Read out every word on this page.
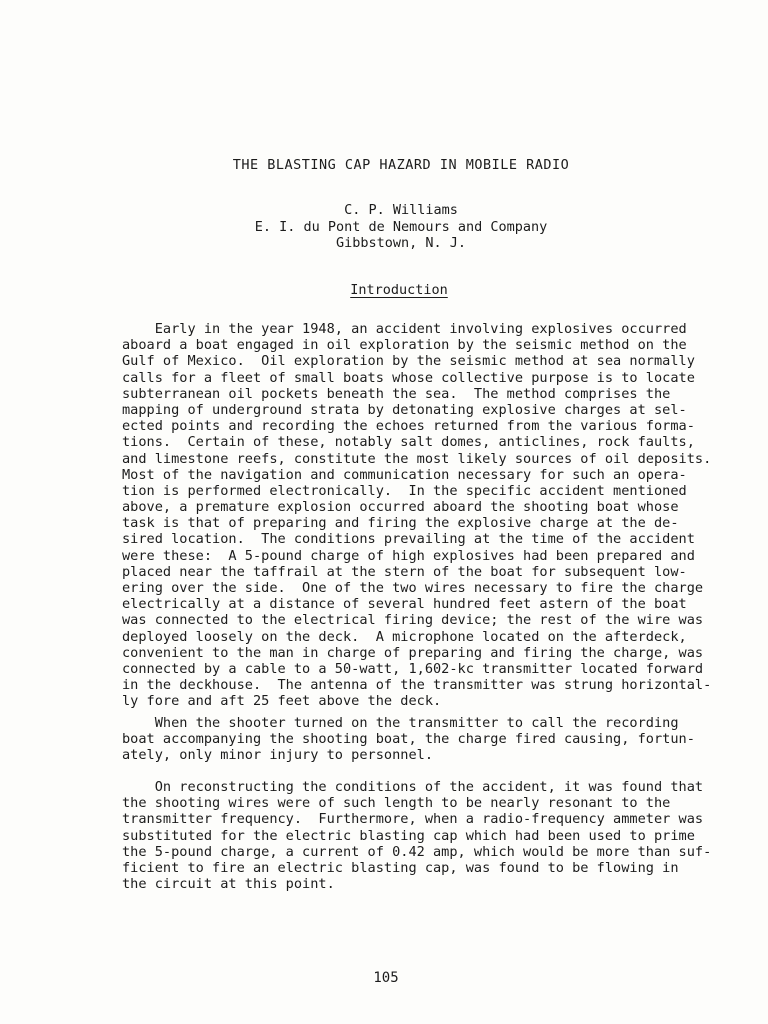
THE BLASTING CAP HAZARD IN MOBILE RADIO
C. P. Williams
E. I. du Pont de Nemours and Company
Gibbstown, N. J.
Introduction
Early in the year 1948, an accident involving explosives occurred
aboard a boat engaged in oil exploration by the seismic method on the
Gulf of Mexico.  Oil exploration by the seismic method at sea normally
calls for a fleet of small boats whose collective purpose is to locate
subterranean oil pockets beneath the sea.  The method comprises the
mapping of underground strata by detonating explosive charges at sel-
ected points and recording the echoes returned from the various forma-
tions.  Certain of these, notably salt domes, anticlines, rock faults,
and limestone reefs, constitute the most likely sources of oil deposits.
Most of the navigation and communication necessary for such an opera-
tion is performed electronically.  In the specific accident mentioned
above, a premature explosion occurred aboard the shooting boat whose
task is that of preparing and firing the explosive charge at the de-
sired location.  The conditions prevailing at the time of the accident
were these:  A 5-pound charge of high explosives had been prepared and
placed near the taffrail at the stern of the boat for subsequent low-
ering over the side.  One of the two wires necessary to fire the charge
electrically at a distance of several hundred feet astern of the boat
was connected to the electrical firing device; the rest of the wire was
deployed loosely on the deck.  A microphone located on the afterdeck,
convenient to the man in charge of preparing and firing the charge, was
connected by a cable to a 50-watt, 1,602-kc transmitter located forward
in the deckhouse.  The antenna of the transmitter was strung horizontal-
ly fore and aft 25 feet above the deck.
When the shooter turned on the transmitter to call the recording
boat accompanying the shooting boat, the charge fired causing, fortun-
ately, only minor injury to personnel.
On reconstructing the conditions of the accident, it was found that
the shooting wires were of such length to be nearly resonant to the
transmitter frequency.  Furthermore, when a radio-frequency ammeter was
substituted for the electric blasting cap which had been used to prime
the 5-pound charge, a current of 0.42 amp, which would be more than suf-
ficient to fire an electric blasting cap, was found to be flowing in
the circuit at this point.
105
